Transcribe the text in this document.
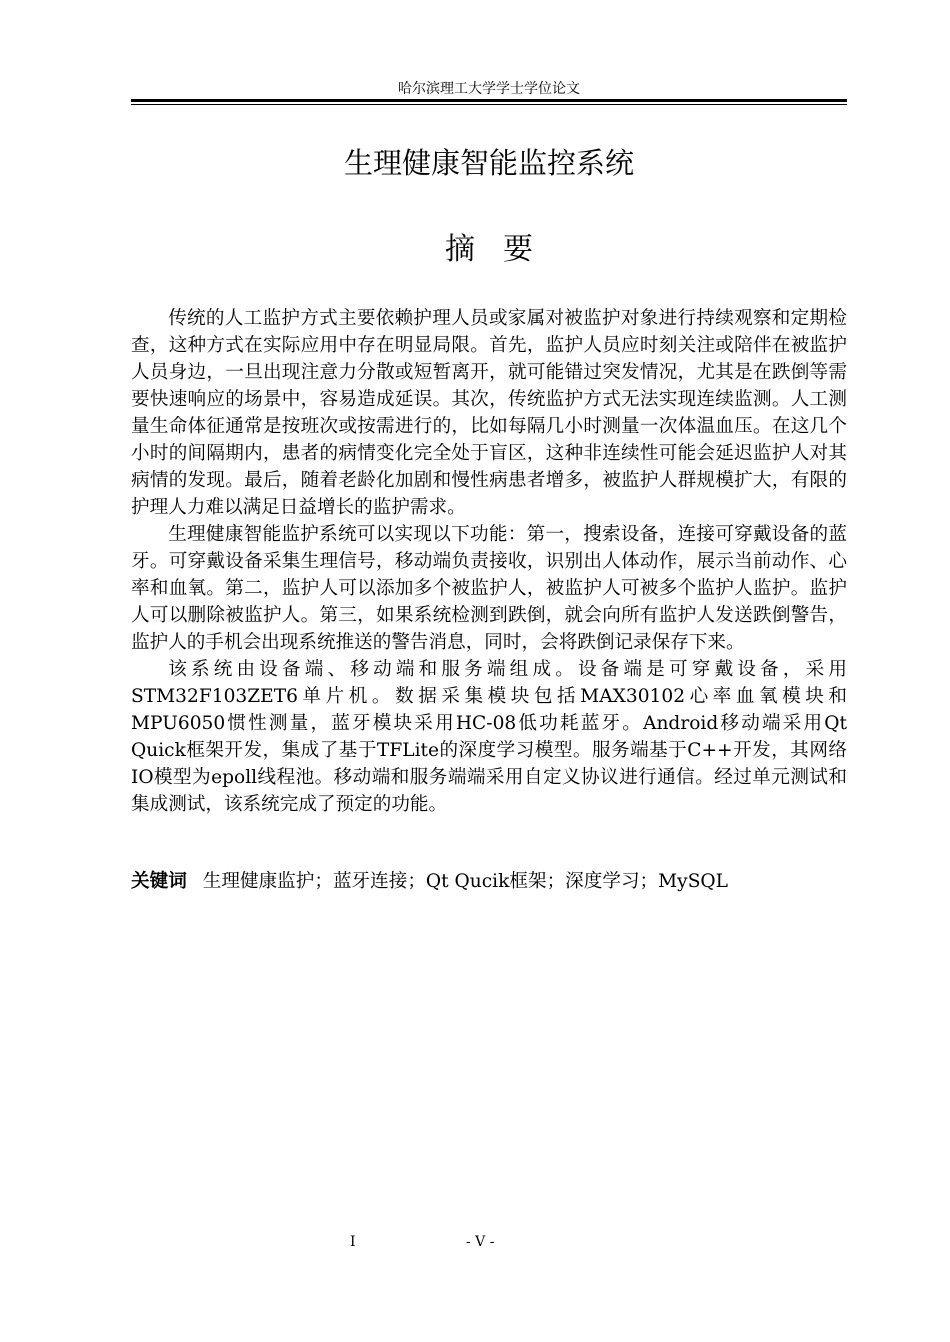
哈尔滨理工大学学士学位论文
生理健康智能监控系统
摘要

传统的人工监护方式主要依赖护理人员或家属对被监护对象进行持续观察和定期检查，这种方式在实际应用中存在明显局限。首先，监护人员应时刻关注或陪伴在被监护人员身边，一旦出现注意力分散或短暂离开，就可能错过突发情况，尤其是在跌倒等需要快速响应的场景中，容易造成延误。其次，传统监护方式无法实现连续监测。人工测量生命体征通常是按班次或按需进行的，比如每隔几小时测量一次体温血压。在这几个小时的间隔期内，患者的病情变化完全处于盲区，这种非连续性可能会延迟监护人对其病情的发现。最后，随着老龄化加剧和慢性病患者增多，被监护人群规模扩大，有限的护理人力难以满足日益增长的监护需求。

生理健康智能监护系统可以实现以下功能：第一，搜索设备，连接可穿戴设备的蓝牙。可穿戴设备采集生理信号，移动端负责接收，识别出人体动作，展示当前动作、心率和血氧。第二，监护人可以添加多个被监护人，被监护人可被多个监护人监护。监护人可以删除被监护人。第三，如果系统检测到跌倒，就会向所有监护人发送跌倒警告，监护人的手机会出现系统推送的警告消息，同时，会将跌倒记录保存下来。

该系统由设备端、移动端和服务端组成。设备端是可穿戴设备，采用STM32F103ZET6单片机。数据采集模块包括MAX30102心率血氧模块和MPU6050惯性测量，蓝牙模块采用HC-08低功耗蓝牙。Android移动端采用Qt Quick框架开发，集成了基于TFLite的深度学习模型。服务端基于C++开发，其网络IO模型为epoll线程池。移动端和服务端端采用自定义协议进行通信。经过单元测试和集成测试，该系统完成了预定的功能。

关键词 生理健康监护；蓝牙连接；Qt Qucik框架；深度学习；MySQL
I	- V -
